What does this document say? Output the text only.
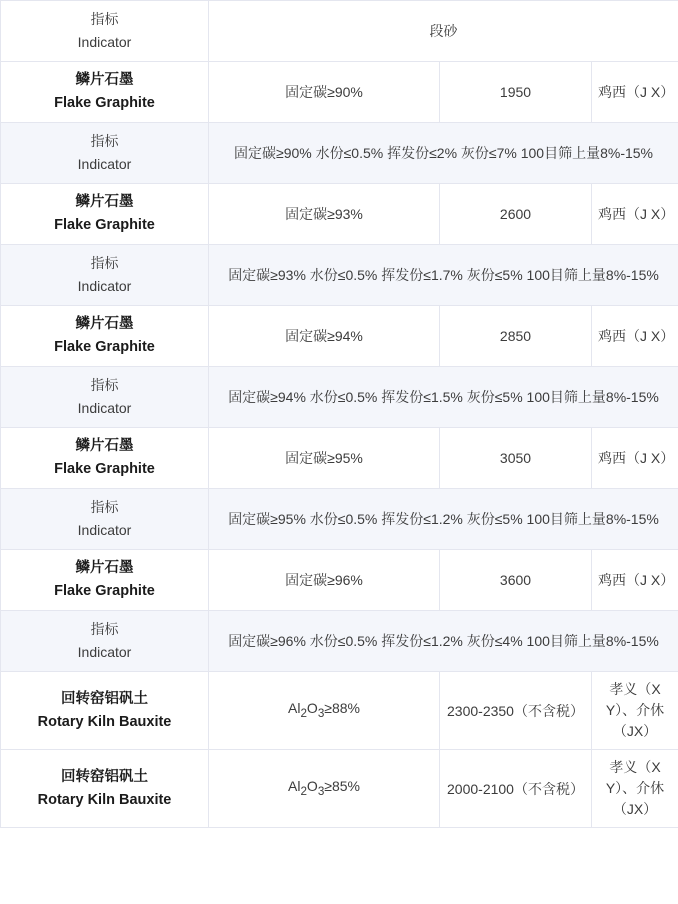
指标
Indicator	段砂		

鳞片石墨
Flake Graphite	固定碳≥90%	1950	鸡西（J X）

指标
Indicator	固定碳≥90% 水份≤0.5% 挥发份≤2% 灰份≤7% 100目筛上量8%-15%		

鳞片石墨
Flake Graphite	固定碳≥93%	2600	鸡西（J X）

指标
Indicator	固定碳≥93% 水份≤0.5% 挥发份≤1.7% 灰份≤5% 100目筛上量8%-15%		

鳞片石墨
Flake Graphite	固定碳≥94%	2850	鸡西（J X）

指标
Indicator	固定碳≥94% 水份≤0.5% 挥发份≤1.5% 灰份≤5% 100目筛上量8%-15%		

鳞片石墨
Flake Graphite	固定碳≥95%	3050	鸡西（J X）

指标
Indicator	固定碳≥95% 水份≤0.5% 挥发份≤1.2% 灰份≤5% 100目筛上量8%-15%		

鳞片石墨
Flake Graphite	固定碳≥96%	3600	鸡西（J X）

指标
Indicator	固定碳≥96% 水份≤0.5% 挥发份≤1.2% 灰份≤4% 100目筛上量8%-15%		

回转窑铝矾土
Rotary Kiln Bauxite	$Al_2O_3\ge 88\%$	2300-2350（不含税）	孝义（X Y）、介休（JX）

回转窑铝矾土
Rotary Kiln Bauxite	$Al_2O_3\ge 85\%$	2000-2100（不含税）	孝义（X Y）、介休（JX）
